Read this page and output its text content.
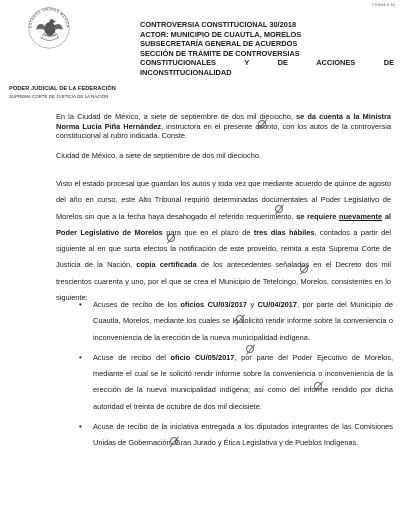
FORMA A-54
ESTADOS UNIDOS MEXICA
PODER JUDICIAL DE LA FEDERACIÓN
SUPREMA CORTE DE JUSTICIA DE LA NACIÓN
CONTROVERSIA CONSTITUCIONAL 30/2018
ACTOR: MUNICIPIO DE CUAUTLA, MORELOS
SUBSECRETARÍA GENERAL DE ACUERDOS
SECCIÓN DE TRÁMITE DE CONTROVERSIAS
CONSTITUCIONALES Y DE ACCIONES DE
INCONSTITUCIONALIDAD
En la Ciudad de México, a siete de septiembre de dos mil dieciocho, se da cuenta a la Ministra Norma Lucía Piña Hernández, instructora en el presente asunto, con los autos de la controversia constitucional al rubro indicada. Conste.
Ciudad de México, a siete de septiembre de dos mil dieciocho.
Visto el estado procesal que guardan los autos y toda vez que mediante acuerdo de quince de agosto del año en curso, este Alto Tribunal requirió determinadas documentales al Poder Legislativo de Morelos sin que a la fecha haya desahogado el referido requerimiento, se requiere nuevamente al Poder Legislativo de Morelos para que en el plazo de tres días hábiles, contados a partir del siguiente al en que surta efectos la notificación de este proveído, remita a esta Suprema Corte de Justicia de la Nación, copia certificada de los antecedentes señalados en el Decreto dos mil trescientos cuarenta y uno, por el que se crea el Municipio de Tetelcingo, Morelos, consistentes en lo siguiente:
• Acuses de recibo de los oficios CU/03/2017 y CU/04/2017, por parte del Municipio de Cuautla, Morelos, mediante los cuales se le solicitó rendir informe sobre la conveniencia o inconveniencia de la erección de la nueva municipalidad indígena.
• Acuse de recibo del oficio CU/05/2017, por parte del Poder Ejecutivo de Morelos, mediante el cual se le solicitó rendir informe sobre la conveniencia o inconveniencia de la erección de la nueva municipalidad indígena; así como del informe rendido por dicha autoridad el treinta de octubre de dos mil diecisiete.
• Acuse de recibo de la iniciativa entregada a los diputados integrantes de las Comisiones Unidas de Gobernación, Gran Jurado y Ética Legislativa y de Pueblos Indígenas.
